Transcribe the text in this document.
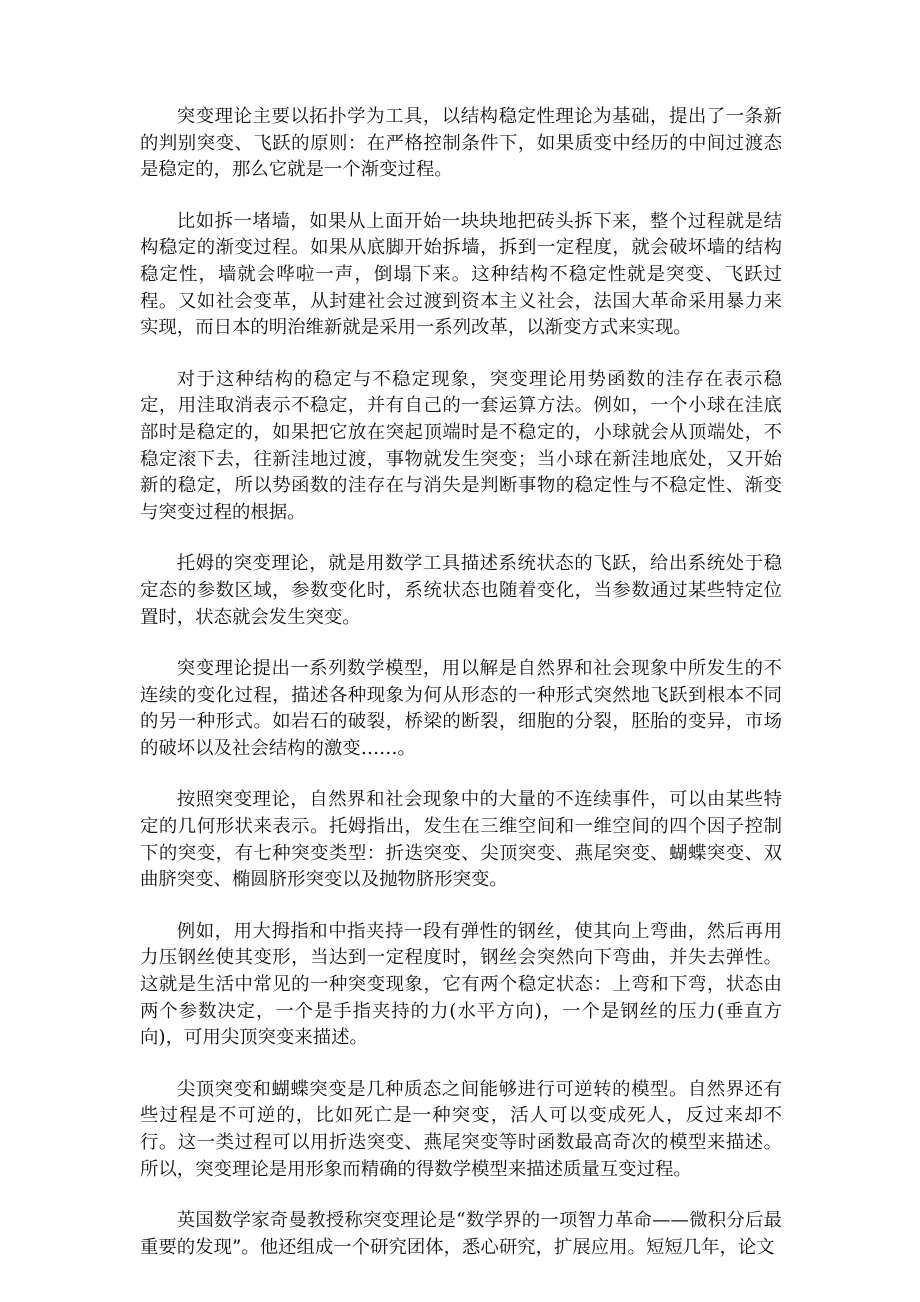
突变理论主要以拓扑学为工具，以结构稳定性理论为基础，提出了一条新的判别突变、飞跃的原则：在严格控制条件下，如果质变中经历的中间过渡态是稳定的，那么它就是一个渐变过程。

比如拆一堵墙，如果从上面开始一块块地把砖头拆下来，整个过程就是结构稳定的渐变过程。如果从底脚开始拆墙，拆到一定程度，就会破坏墙的结构稳定性，墙就会哗啦一声，倒塌下来。这种结构不稳定性就是突变、飞跃过程。又如社会变革，从封建社会过渡到资本主义社会，法国大革命采用暴力来实现，而日本的明治维新就是采用一系列改革，以渐变方式来实现。

对于这种结构的稳定与不稳定现象，突变理论用势函数的洼存在表示稳定，用洼取消表示不稳定，并有自己的一套运算方法。例如，一个小球在洼底部时是稳定的，如果把它放在突起顶端时是不稳定的，小球就会从顶端处，不稳定滚下去，往新洼地过渡，事物就发生突变；当小球在新洼地底处，又开始新的稳定，所以势函数的洼存在与消失是判断事物的稳定性与不稳定性、渐变与突变过程的根据。

托姆的突变理论，就是用数学工具描述系统状态的飞跃，给出系统处于稳定态的参数区域，参数变化时，系统状态也随着变化，当参数通过某些特定位置时，状态就会发生突变。

突变理论提出一系列数学模型，用以解是自然界和社会现象中所发生的不连续的变化过程，描述各种现象为何从形态的一种形式突然地飞跃到根本不同的另一种形式。如岩石的破裂，桥梁的断裂，细胞的分裂，胚胎的变异，市场的破坏以及社会结构的激变……。

按照突变理论，自然界和社会现象中的大量的不连续事件，可以由某些特定的几何形状来表示。托姆指出，发生在三维空间和一维空间的四个因子控制下的突变，有七种突变类型：折迭突变、尖顶突变、燕尾突变、蝴蝶突变、双曲脐突变、椭圆脐形突变以及抛物脐形突变。

例如，用大拇指和中指夹持一段有弹性的钢丝，使其向上弯曲，然后再用力压钢丝使其变形，当达到一定程度时，钢丝会突然向下弯曲，并失去弹性。这就是生活中常见的一种突变现象，它有两个稳定状态：上弯和下弯，状态由两个参数决定，一个是手指夹持的力(水平方向)，一个是钢丝的压力(垂直方向)，可用尖顶突变来描述。

尖顶突变和蝴蝶突变是几种质态之间能够进行可逆转的模型。自然界还有些过程是不可逆的，比如死亡是一种突变，活人可以变成死人，反过来却不行。这一类过程可以用折迭突变、燕尾突变等时函数最高奇次的模型来描述。所以，突变理论是用形象而精确的得数学模型来描述质量互变过程。

英国数学家奇曼教授称突变理论是“数学界的一项智力革命——微积分后最重要的发现”。他还组成一个研究团体，悉心研究，扩展应用。短短几年，论文
